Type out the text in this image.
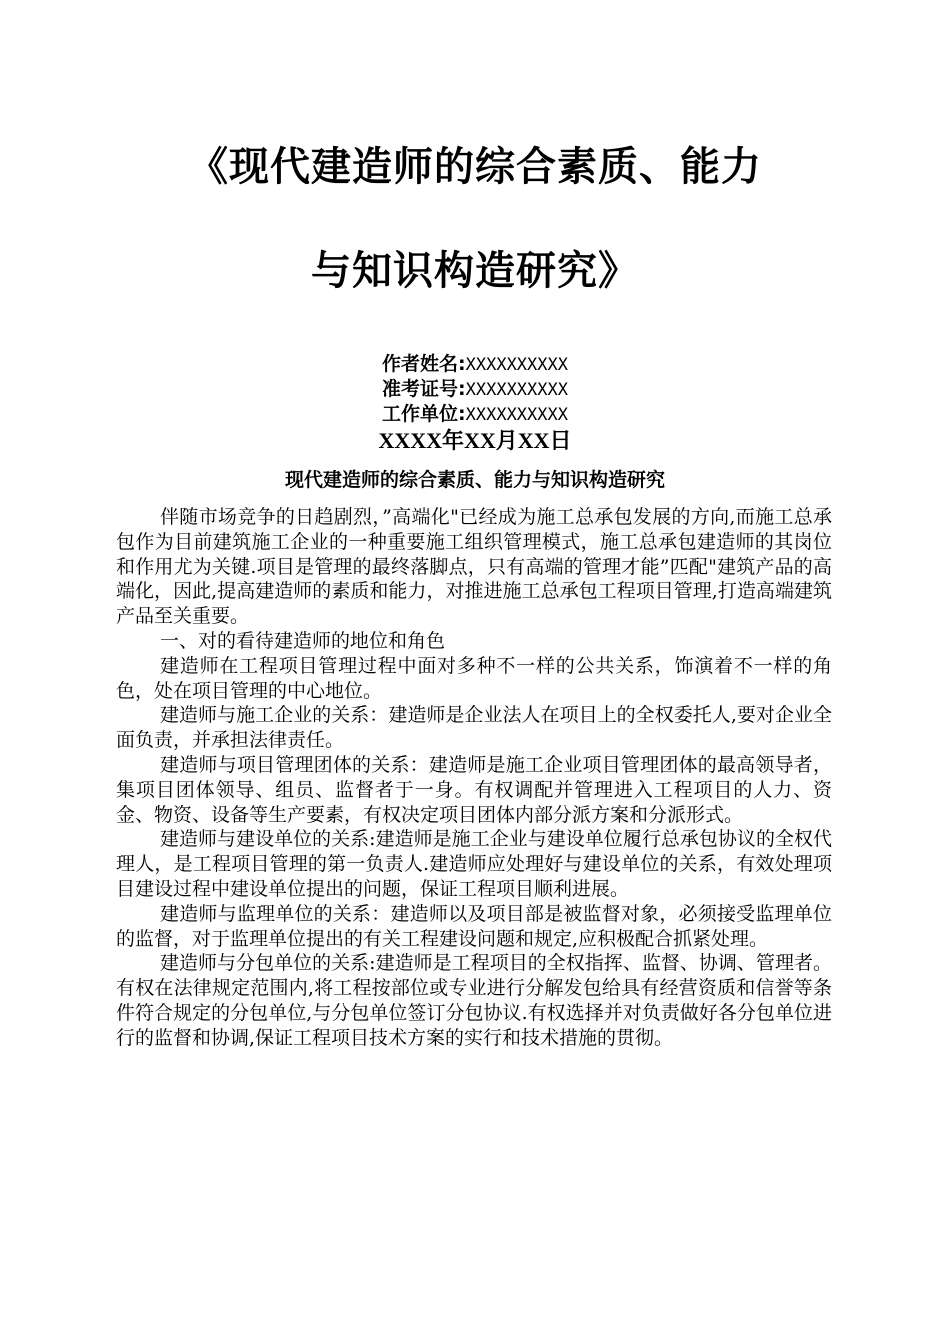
《现代建造师的综合素质、能力
与知识构造研究》
作者姓名:XXXXXXXXXX
准考证号:XXXXXXXXXX
工作单位:XXXXXXXXXX
XXXX年XX月XX日
现代建造师的综合素质、能力与知识构造研究

伴随市场竞争的日趋剧烈，”高端化"已经成为施工总承包发展的方向,而施工总承包作为目前建筑施工企业的一种重要施工组织管理模式，施工总承包建造师的其岗位和作用尤为关键.项目是管理的最终落脚点，只有高端的管理才能”匹配"建筑产品的高端化，因此,提高建造师的素质和能力，对推进施工总承包工程项目管理,打造高端建筑产品至关重要。

一、对的看待建造师的地位和角色

建造师在工程项目管理过程中面对多种不一样的公共关系，饰演着不一样的角色，处在项目管理的中心地位。

建造师与施工企业的关系：建造师是企业法人在项目上的全权委托人,要对企业全面负责，并承担法律责任。

建造师与项目管理团体的关系：建造师是施工企业项目管理团体的最高领导者，集项目团体领导、组员、监督者于一身。有权调配并管理进入工程项目的人力、资金、物资、设备等生产要素，有权决定项目团体内部分派方案和分派形式。

建造师与建设单位的关系:建造师是施工企业与建设单位履行总承包协议的全权代理人，是工程项目管理的第一负责人.建造师应处理好与建设单位的关系，有效处理项目建设过程中建设单位提出的问题，保证工程项目顺利进展。

建造师与监理单位的关系：建造师以及项目部是被监督对象，必须接受监理单位的监督，对于监理单位提出的有关工程建设问题和规定,应积极配合抓紧处理。

建造师与分包单位的关系:建造师是工程项目的全权指挥、监督、协调、管理者。有权在法律规定范围内,将工程按部位或专业进行分解发包给具有经营资质和信誉等条件符合规定的分包单位,与分包单位签订分包协议.有权选择并对负责做好各分包单位进行的监督和协调,保证工程项目技术方案的实行和技术措施的贯彻。
